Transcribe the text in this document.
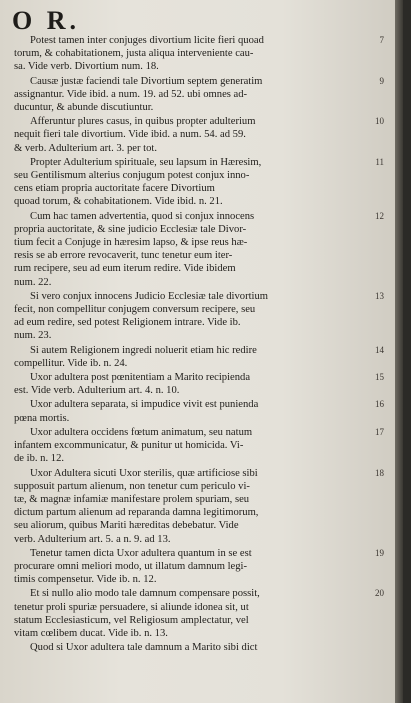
O R.
Potest tamen inter conjuges divortium licite fieri quoad
torum, & cohabitationem, justa aliqua interveniente cau-
sa. Vide verb. Divortium num. 18.
7
Causæ justæ faciendi tale Divortium septem generatim
assignantur. Vide ibid. a num. 19. ad 52. ubi omnes ad-
ducuntur, & abunde discutiuntur.
9
Afferuntur plures casus, in quibus propter adulterium
nequit fieri tale divortium. Vide ibid. a num. 54. ad 59.
& verb. Adulterium art. 3. per tot.
10
Propter Adulterium spirituale, seu lapsum in Hæresim,
seu Gentilismum alterius conjugum potest conjux inno-
cens etiam propria auctoritate facere Divortium
quoad torum, & cohabitationem. Vide ibid. n. 21.
11
Cum hac tamen advertentia, quod si conjux innocens
propria auctoritate, & sine judicio Ecclesiæ tale Divor-
tium fecit a Conjuge in hæresim lapso, & ipse reus hæ-
resis se ab errore revocaverit, tunc tenetur eum iter-
rum recipere, seu ad eum iterum redire. Vide ibidem
num. 22.
12
Si vero conjux innocens Judicio Ecclesiæ tale divortium
fecit, non compellitur conjugem conversum recipere, seu
ad eum redire, sed potest Religionem intrare. Vide ib.
num. 23.
13
Si autem Religionem ingredi noluerit etiam hic redire
compellitur. Vide ib. n. 24.
14
Uxor adultera post pœnitentiam a Marito recipienda
est. Vide verb. Adulterium art. 4. n. 10.
15
Uxor adultera separata, si impudice vivit est punienda
pœna mortis.
16
Uxor adultera occidens fœtum animatum, seu natum
infantem excommunicatur, & punitur ut homicida. Vi-
de ib. n. 12.
17
Uxor Adultera sicuti Uxor sterilis, quæ artificiose sibi
supposuit partum alienum, non tenetur cum periculo vi-
tæ, & magnæ infamiæ manifestare prolem spuriam, seu
dictum partum alienum ad reparanda damna legitimorum,
seu aliorum, quibus Mariti hæreditas debebatur. Vide
verb. Adulterium art. 5. a n. 9. ad 13.
18
Tenetur tamen dicta Uxor adultera quantum in se est
procurare omni meliori modo, ut illatum damnum legi-
timis compensetur. Vide ib. n. 12.
19
Et si nullo alio modo tale damnum compensare possit,
tenetur proli spuriæ persuadere, si aliunde idonea sit, ut
statum Ecclesiasticum, vel Religiosum amplectatur, vel
vitam cœlibem ducat. Vide ib. n. 13.
20
Quod si Uxor adultera tale damnum a Marito sibi dict
